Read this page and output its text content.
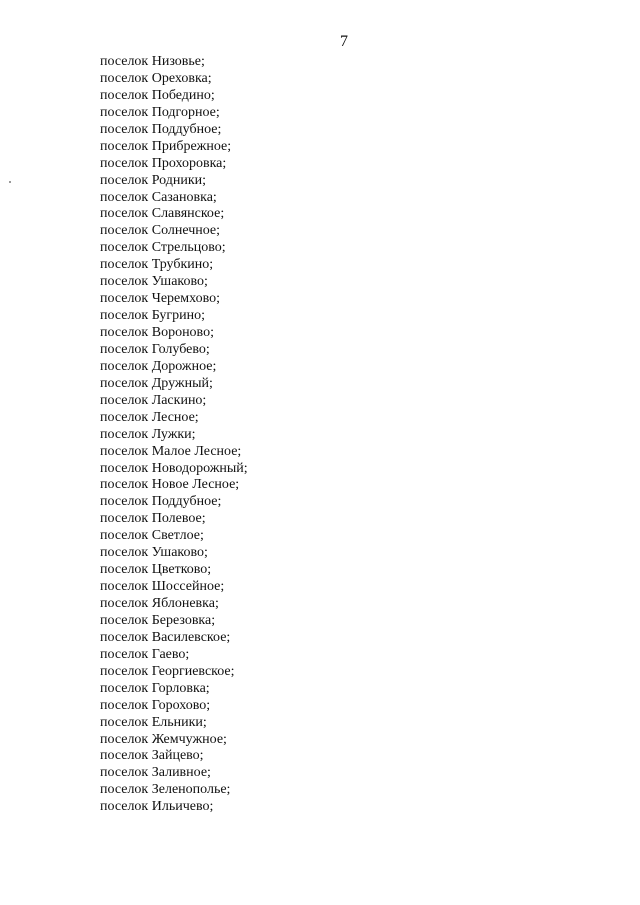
7
поселок Низовье;
поселок Ореховка;
поселок Победино;
поселок Подгорное;
поселок Поддубное;
поселок Прибрежное;
поселок Прохоровка;
поселок Родники;
поселок Сазановка;
поселок Славянское;
поселок Солнечное;
поселок Стрельцово;
поселок Трубкино;
поселок Ушаково;
поселок Черемхово;
поселок Бугрино;
поселок Вороново;
поселок Голубево;
поселок Дорожное;
поселок Дружный;
поселок Ласкино;
поселок Лесное;
поселок Лужки;
поселок Малое Лесное;
поселок Новодорожный;
поселок Новое Лесное;
поселок Поддубное;
поселок Полевое;
поселок Светлое;
поселок Ушаково;
поселок Цветково;
поселок Шоссейное;
поселок Яблоневка;
поселок Березовка;
поселок Василевское;
поселок Гаево;
поселок Георгиевское;
поселок Горловка;
поселок Горохово;
поселок Ельники;
поселок Жемчужное;
поселок Зайцево;
поселок Заливное;
поселок Зеленополье;
поселок Ильичево;
